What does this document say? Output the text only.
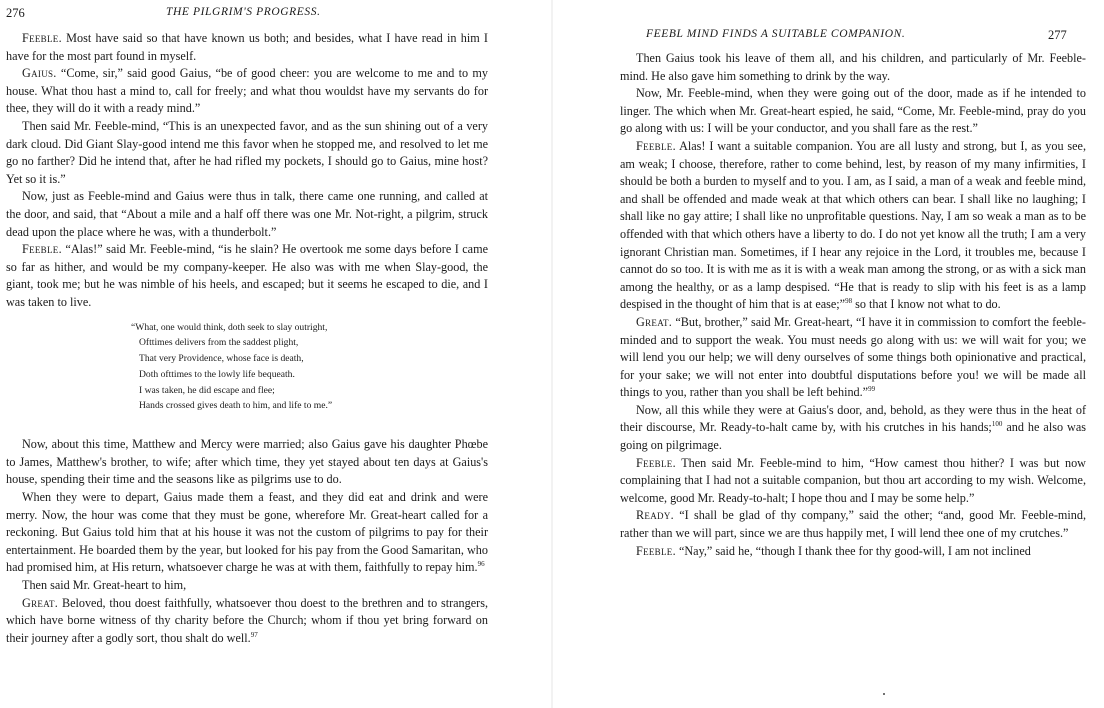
276	THE PILGRIM'S PROGRESS.

Feeble. Most have said so that have known us both; and besides, what I have read in him I have for the most part found in myself.

Gaius. “Come, sir,” said good Gaius, “be of good cheer: you are welcome to me and to my house. What thou hast a mind to, call for freely; and what thou wouldst have my servants do for thee, they will do it with a ready mind.”

Then said Mr. Feeble-mind, “This is an unexpected favor, and as the sun shining out of a very dark cloud. Did Giant Slay-good intend me this favor when he stopped me, and resolved to let me go no farther? Did he intend that, after he had rifled my pockets, I should go to Gaius, mine host? Yet so it is.”

Now, just as Feeble-mind and Gaius were thus in talk, there came one running, and called at the door, and said, that “About a mile and a half off there was one Mr. Not-right, a pilgrim, struck dead upon the place where he was, with a thunderbolt.”

Feeble. “Alas!” said Mr. Feeble-mind, “is he slain? He overtook me some days before I came so far as hither, and would be my company-keeper. He also was with me when Slay-good, the giant, took me; but he was nimble of his heels, and escaped; but it seems he escaped to die, and I was taken to live.

“What, one would think, doth seek to slay outright,
Ofttimes delivers from the saddest plight,
That very Providence, whose face is death,
Doth ofttimes to the lowly life bequeath.
I was taken, he did escape and flee;
Hands crossed gives death to him, and life to me.”

Now, about this time, Matthew and Mercy were married; also Gaius gave his daughter Phœbe to James, Matthew's brother, to wife; after which time, they yet stayed about ten days at Gaius's house, spending their time and the seasons like as pilgrims use to do.

When they were to depart, Gaius made them a feast, and they did eat and drink and were merry. Now, the hour was come that they must be gone, wherefore Mr. Great-heart called for a reckoning. But Gaius told him that at his house it was not the custom of pilgrims to pay for their entertainment. He boarded them by the year, but looked for his pay from the Good Samaritan, who had promised him, at His return, whatsoever charge he was at with them, faithfully to repay him.$^{96}$

Then said Mr. Great-heart to him,

Great. Beloved, thou doest faithfully, whatsoever thou doest to the brethren and to strangers, which have borne witness of thy charity before the Church; whom if thou yet bring forward on their journey after a godly sort, thou shalt do well.$^{97}$

FEEBL MIND FINDS A SUITABLE COMPANION.	277

Then Gaius took his leave of them all, and his children, and particularly of Mr. Feeble-mind. He also gave him something to drink by the way.

Now, Mr. Feeble-mind, when they were going out of the door, made as if he intended to linger. The which when Mr. Great-heart espied, he said, “Come, Mr. Feeble-mind, pray do you go along with us: I will be your conductor, and you shall fare as the rest.”

Feeble. Alas! I want a suitable companion. You are all lusty and strong, but I, as you see, am weak; I choose, therefore, rather to come behind, lest, by reason of my many infirmities, I should be both a burden to myself and to you. I am, as I said, a man of a weak and feeble mind, and shall be offended and made weak at that which others can bear. I shall like no laughing; I shall like no gay attire; I shall like no unprofitable questions. Nay, I am so weak a man as to be offended with that which others have a liberty to do. I do not yet know all the truth; I am a very ignorant Christian man. Sometimes, if I hear any rejoice in the Lord, it troubles me, because I cannot do so too. It is with me as it is with a weak man among the strong, or as with a sick man among the healthy, or as a lamp despised. “He that is ready to slip with his feet is as a lamp despised in the thought of him that is at ease;”$^{98}$ so that I know not what to do.

Great. “But, brother,” said Mr. Great-heart, “I have it in commission to comfort the feeble-minded and to support the weak. You must needs go along with us: we will wait for you; we will lend you our help; we will deny ourselves of some things both opinionative and practical, for your sake; we will not enter into doubtful disputations before you! we will be made all things to you, rather than you shall be left behind.”$^{99}$

Now, all this while they were at Gaius's door, and, behold, as they were thus in the heat of their discourse, Mr. Ready-to-halt came by, with his crutches in his hands;$^{100}$ and he also was going on pilgrimage.

Feeble. Then said Mr. Feeble-mind to him, “How camest thou hither? I was but now complaining that I had not a suitable companion, but thou art according to my wish. Welcome, welcome, good Mr. Ready-to-halt; I hope thou and I may be some help.”

Ready. “I shall be glad of thy company,” said the other; “and, good Mr. Feeble-mind, rather than we will part, since we are thus happily met, I will lend thee one of my crutches.”

Feeble. “Nay,” said he, “though I thank thee for thy good-will, I am not inclined
